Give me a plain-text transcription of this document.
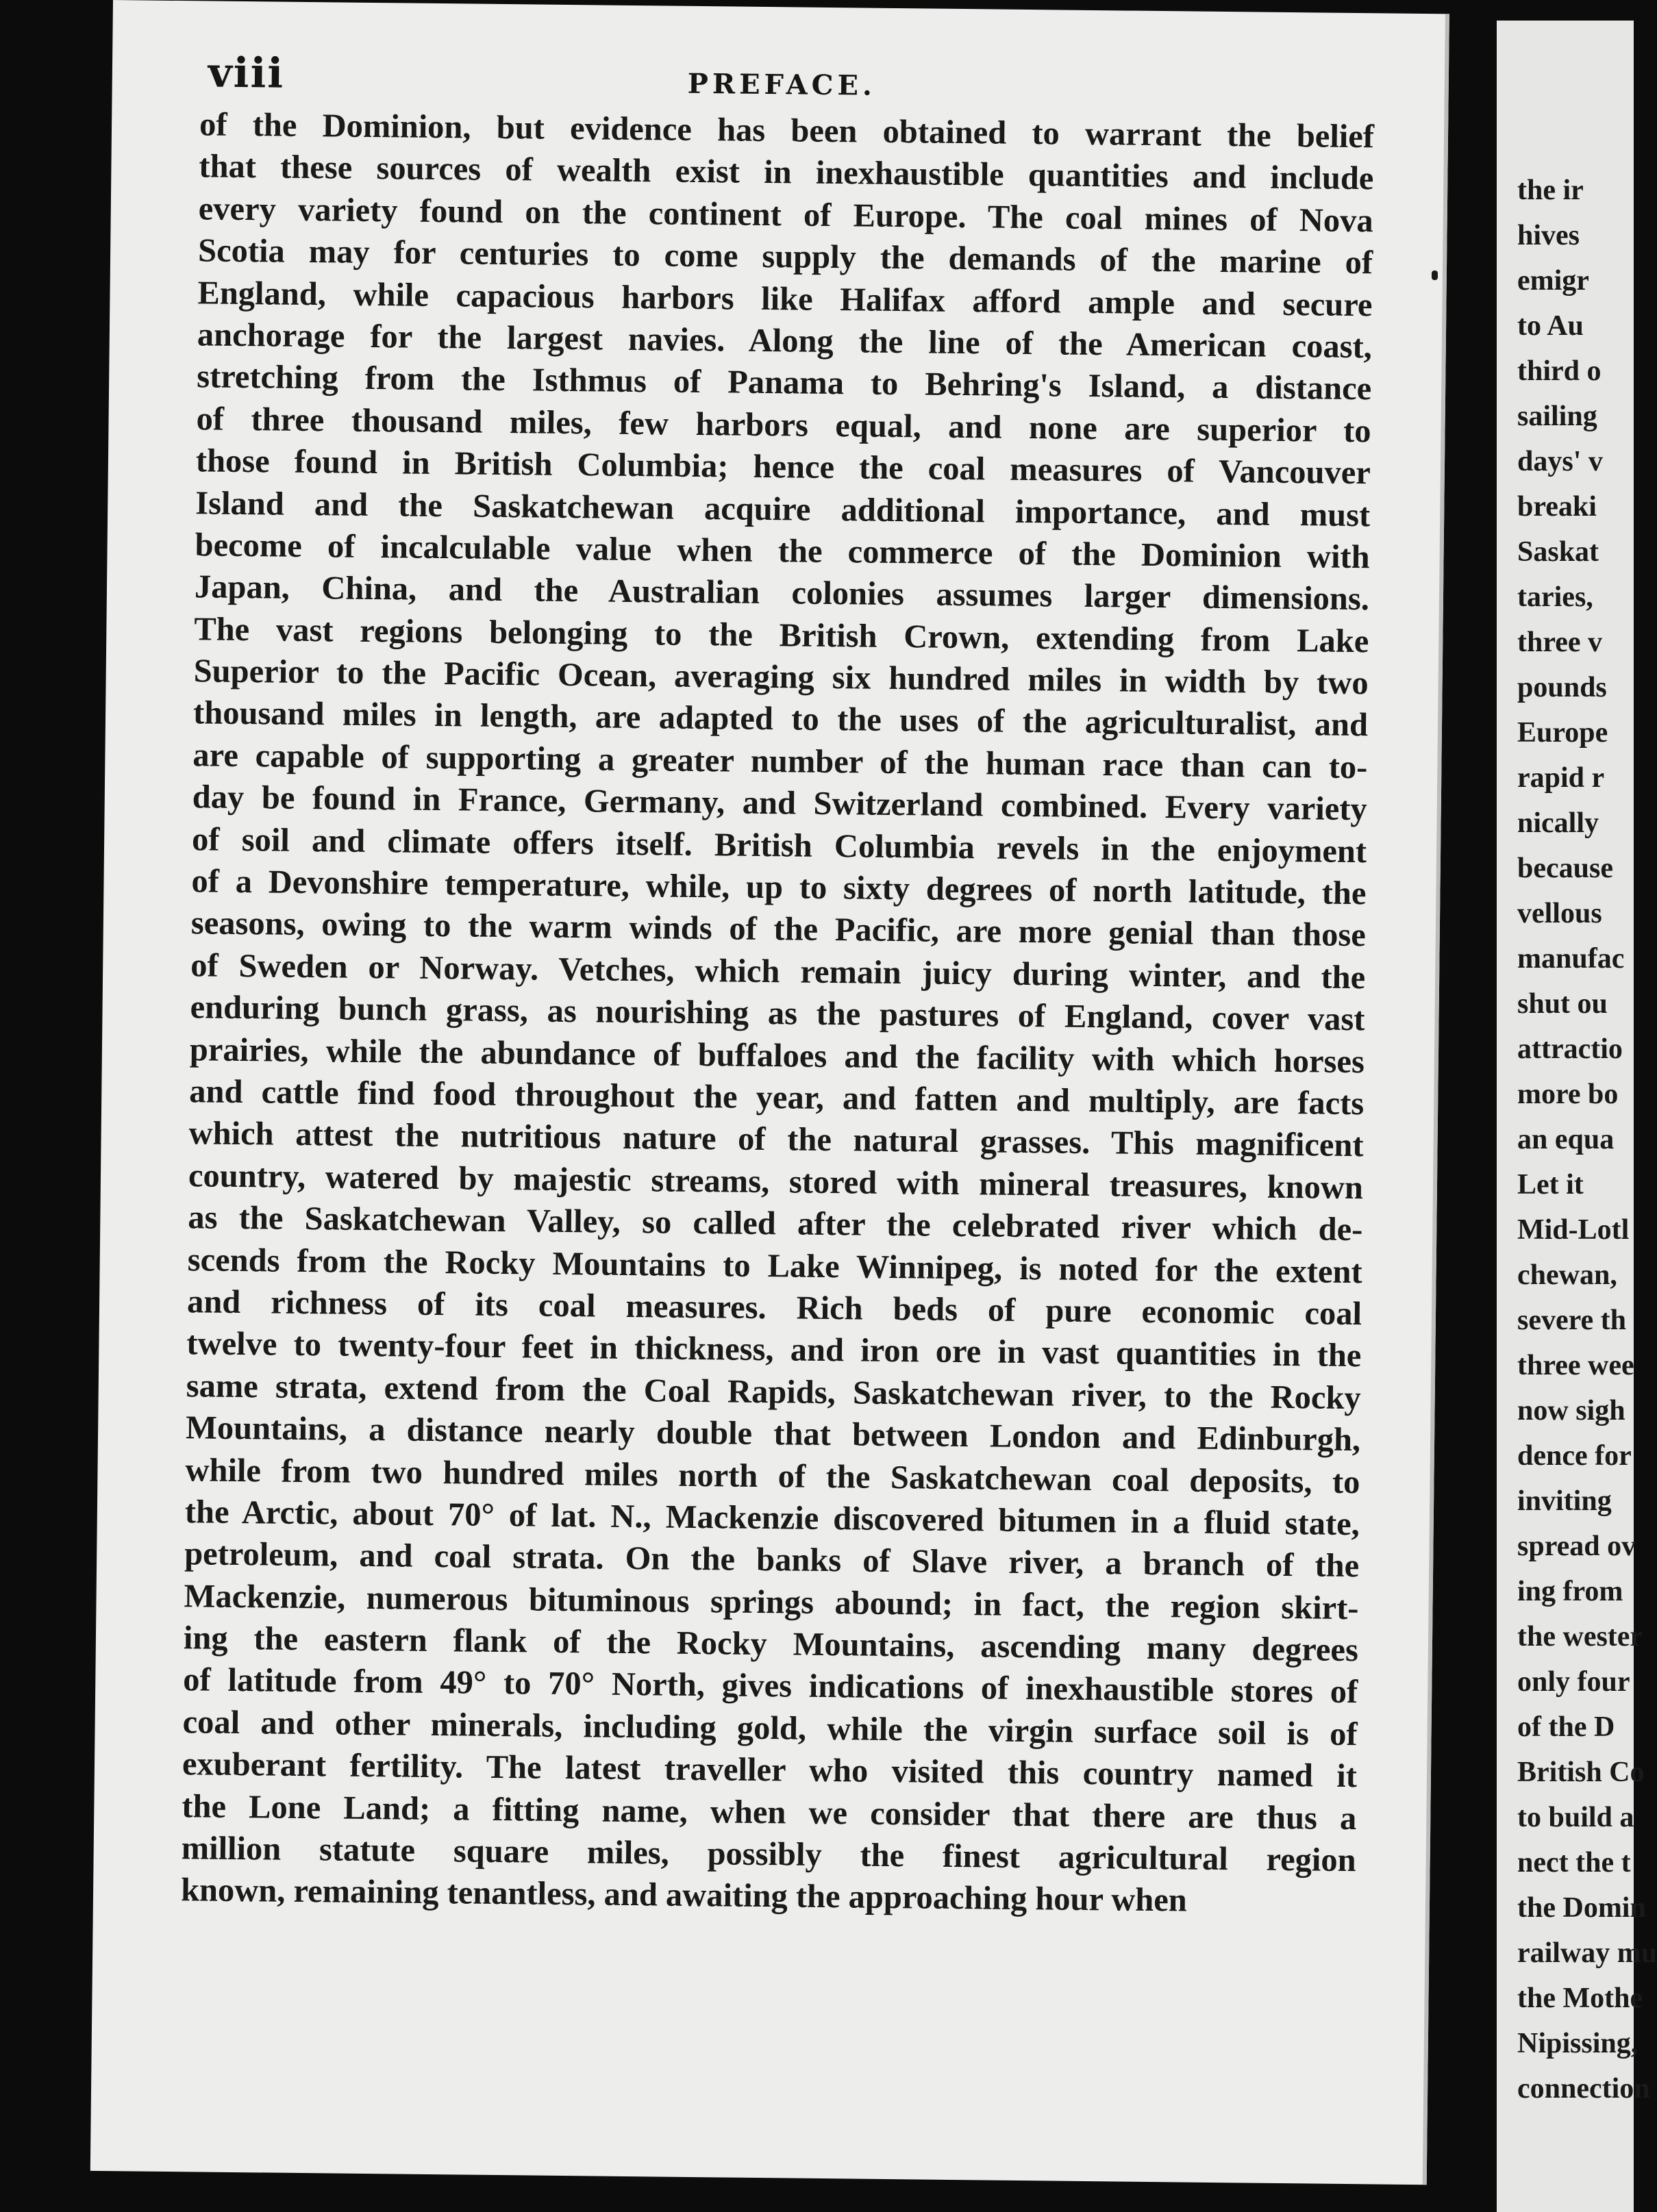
viii	PREFACE.
of the Dominion, but evidence has been obtained to warrant the belief
that these sources of wealth exist in inexhaustible quantities and include
every variety found on the continent of Europe. The coal mines of Nova
Scotia may for centuries to come supply the demands of the marine of
England, while capacious harbors like Halifax afford ample and secure
anchorage for the largest navies. Along the line of the American coast,
stretching from the Isthmus of Panama to Behring's Island, a distance
of three thousand miles, few harbors equal, and none are superior to
those found in British Columbia; hence the coal measures of Vancouver
Island and the Saskatchewan acquire additional importance, and must
become of incalculable value when the commerce of the Dominion with
Japan, China, and the Australian colonies assumes larger dimensions.
The vast regions belonging to the British Crown, extending from Lake
Superior to the Pacific Ocean, averaging six hundred miles in width by two
thousand miles in length, are adapted to the uses of the agriculturalist, and
are capable of supporting a greater number of the human race than can to-
day be found in France, Germany, and Switzerland combined. Every variety
of soil and climate offers itself. British Columbia revels in the enjoyment
of a Devonshire temperature, while, up to sixty degrees of north latitude, the
seasons, owing to the warm winds of the Pacific, are more genial than those
of Sweden or Norway. Vetches, which remain juicy during winter, and the
enduring bunch grass, as nourishing as the pastures of England, cover vast
prairies, while the abundance of buffaloes and the facility with which horses
and cattle find food throughout the year, and fatten and multiply, are facts
which attest the nutritious nature of the natural grasses. This magnificent
country, watered by majestic streams, stored with mineral treasures, known
as the Saskatchewan Valley, so called after the celebrated river which de-
scends from the Rocky Mountains to Lake Winnipeg, is noted for the extent
and richness of its coal measures. Rich beds of pure economic coal
twelve to twenty-four feet in thickness, and iron ore in vast quantities in the
same strata, extend from the Coal Rapids, Saskatchewan river, to the Rocky
Mountains, a distance nearly double that between London and Edinburgh,
while from two hundred miles north of the Saskatchewan coal deposits, to
the Arctic, about 70° of lat. N., Mackenzie discovered bitumen in a fluid state,
petroleum, and coal strata. On the banks of Slave river, a branch of the
Mackenzie, numerous bituminous springs abound; in fact, the region skirt-
ing the eastern flank of the Rocky Mountains, ascending many degrees
of latitude from 49° to 70° North, gives indications of inexhaustible stores of
coal and other minerals, including gold, while the virgin surface soil is of
exuberant fertility. The latest traveller who visited this country named it
the Lone Land; a fitting name, when we consider that there are thus a
million statute square miles, possibly the finest agricultural region
known, remaining tenantless, and awaiting the approaching hour when
the ir
hives
emigr
to Au
third o
sailing
days' v
breaki
Saskat
taries,
three v
pounds
Europe
rapid r
nically
because
vellous
manufac
shut ou
attractio
more bo
an equa
Let it
Mid-Lotl
chewan,
severe th
three wee
now sigh
dence for
inviting
spread ov
ing from
the wester
only four
of the D
British Co
to build a
nect the t
the Domin
railway mu
the Mothe
Nipissing,
connection
